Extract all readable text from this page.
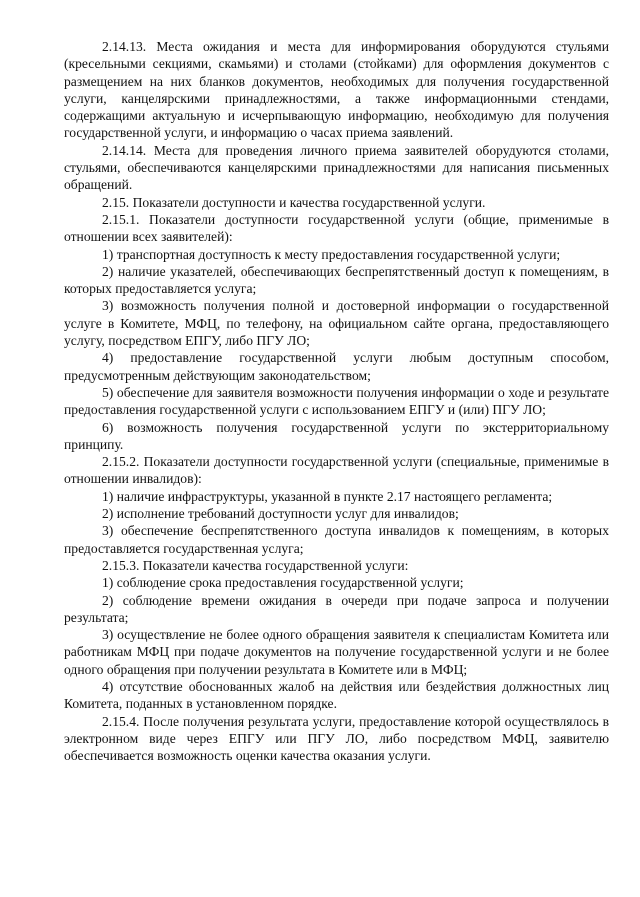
2.14.13. Места ожидания и места для информирования оборудуются стульями (кресельными секциями, скамьями) и столами (стойками) для оформления документов с размещением на них бланков документов, необходимых для получения государственной услуги, канцелярскими принадлежностями, а также информационными стендами, содержащими актуальную и исчерпывающую информацию, необходимую для получения государственной услуги, и информацию о часах приема заявлений.

2.14.14. Места для проведения личного приема заявителей оборудуются столами, стульями, обеспечиваются канцелярскими принадлежностями для написания письменных обращений.

2.15. Показатели доступности и качества государственной услуги.

2.15.1. Показатели доступности государственной услуги (общие, применимые в отношении всех заявителей):

1) транспортная доступность к месту предоставления государственной услуги;

2) наличие указателей, обеспечивающих беспрепятственный доступ к помещениям, в которых предоставляется услуга;

3) возможность получения полной и достоверной информации о государственной услуге в Комитете, МФЦ, по телефону, на официальном сайте органа, предоставляющего услугу, посредством ЕПГУ, либо ПГУ ЛО;

4) предоставление государственной услуги любым доступным способом, предусмотренным действующим законодательством;

5) обеспечение для заявителя возможности получения информации о ходе и результате предоставления государственной услуги с использованием ЕПГУ и (или) ПГУ ЛО;

6) возможность получения государственной услуги по экстерриториальному принципу.

2.15.2. Показатели доступности государственной услуги (специальные, применимые в отношении инвалидов):

1) наличие инфраструктуры, указанной в пункте 2.17 настоящего регламента;

2) исполнение требований доступности услуг для инвалидов;

3) обеспечение беспрепятственного доступа инвалидов к помещениям, в которых предоставляется государственная услуга;

2.15.3. Показатели качества государственной услуги:

1) соблюдение срока предоставления государственной услуги;

2) соблюдение времени ожидания в очереди при подаче запроса и получении результата;

3) осуществление не более одного обращения заявителя к специалистам Комитета или работникам МФЦ при подаче документов на получение государственной услуги и не более одного обращения при получении результата в Комитете или в МФЦ;

4) отсутствие обоснованных жалоб на действия или бездействия должностных лиц Комитета, поданных в установленном порядке.

2.15.4. После получения результата услуги, предоставление которой осуществлялось в электронном виде через ЕПГУ или ПГУ ЛО, либо посредством МФЦ, заявителю обеспечивается возможность оценки качества оказания услуги.
